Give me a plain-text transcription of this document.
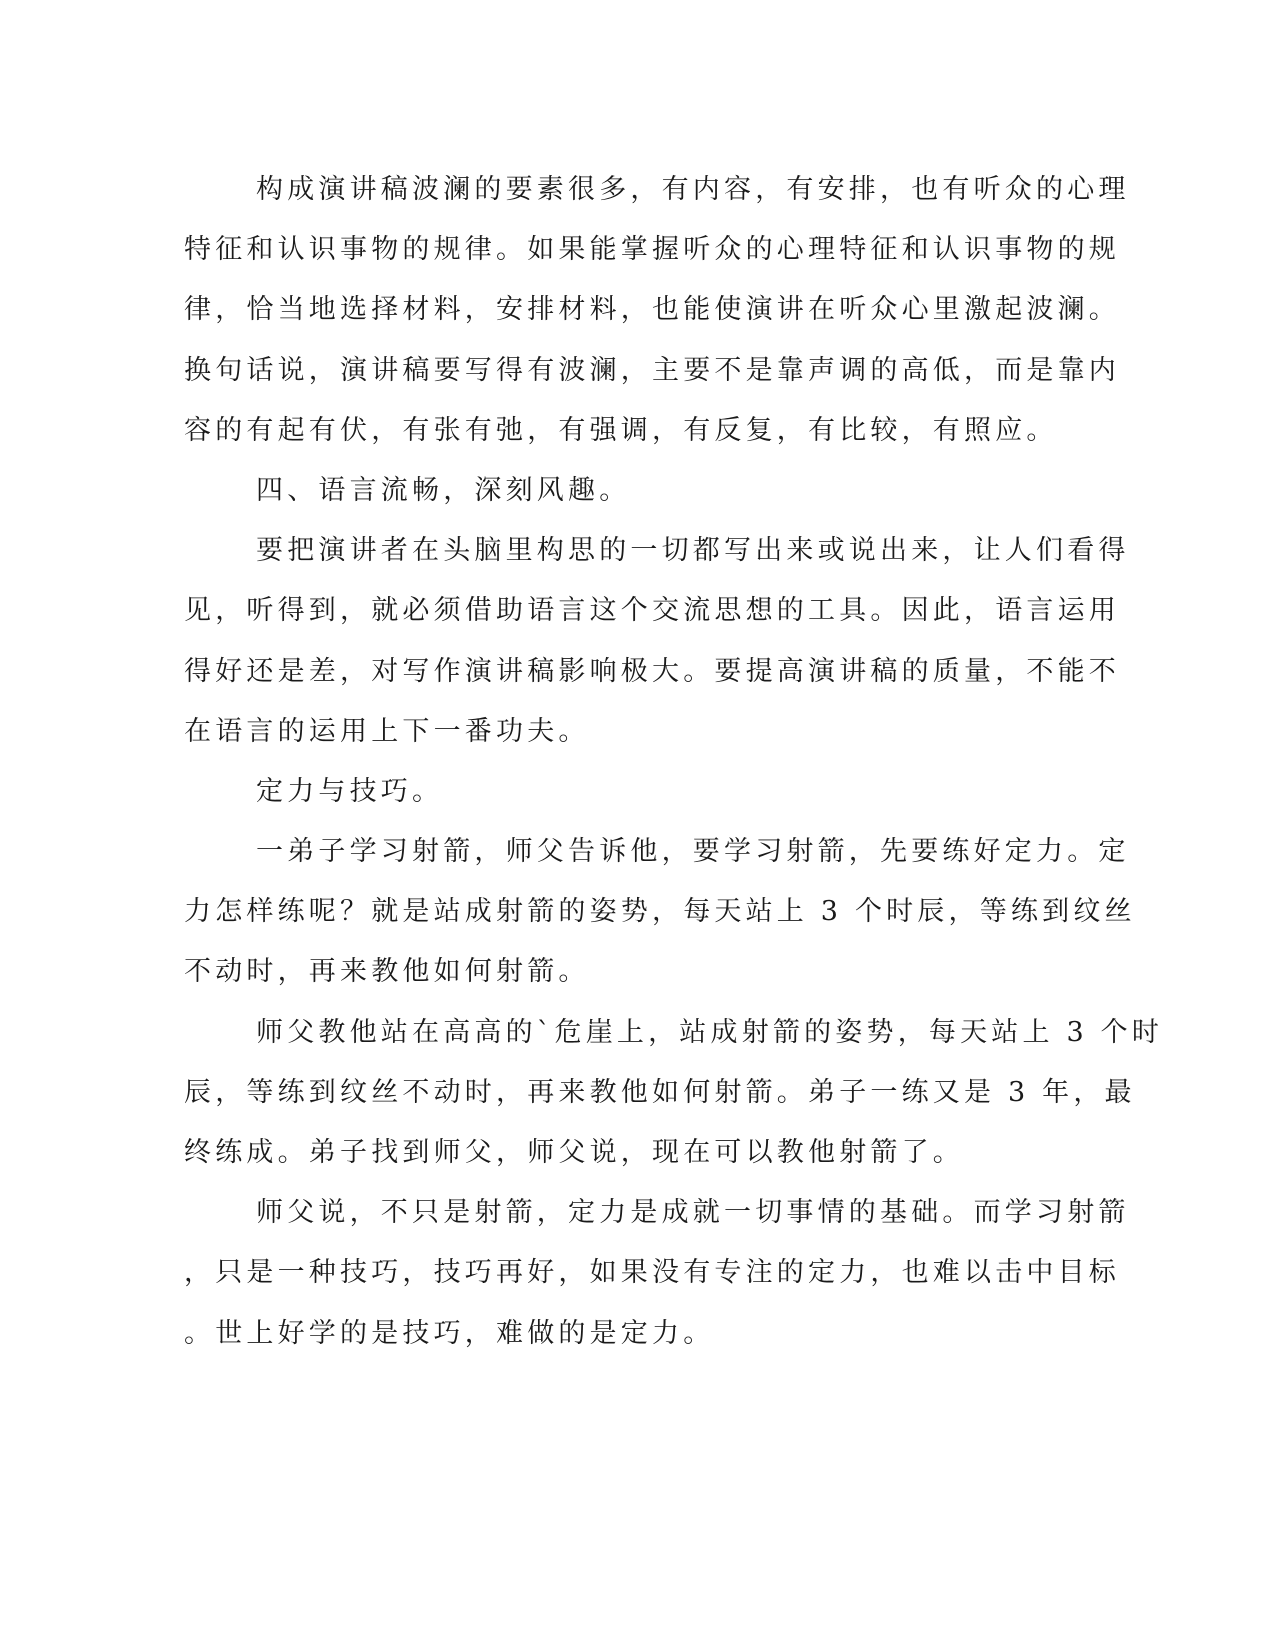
构成演讲稿波澜的要素很多，有内容，有安排，也有听众的心理
特征和认识事物的规律。如果能掌握听众的心理特征和认识事物的规
律，恰当地选择材料，安排材料，也能使演讲在听众心里激起波澜。
换句话说，演讲稿要写得有波澜，主要不是靠声调的高低，而是靠内
容的有起有伏，有张有弛，有强调，有反复，有比较，有照应。
四、语言流畅，深刻风趣。
要把演讲者在头脑里构思的一切都写出来或说出来，让人们看得
见，听得到，就必须借助语言这个交流思想的工具。因此，语言运用
得好还是差，对写作演讲稿影响极大。要提高演讲稿的质量，不能不
在语言的运用上下一番功夫。
定力与技巧。
一弟子学习射箭，师父告诉他，要学习射箭，先要练好定力。定
力怎样练呢？就是站成射箭的姿势，每天站上 3 个时辰，等练到纹丝
不动时，再来教他如何射箭。
师父教他站在高高的`危崖上，站成射箭的姿势，每天站上 3 个时
辰，等练到纹丝不动时，再来教他如何射箭。弟子一练又是 3 年，最
终练成。弟子找到师父，师父说，现在可以教他射箭了。
师父说，不只是射箭，定力是成就一切事情的基础。而学习射箭
，只是一种技巧，技巧再好，如果没有专注的定力，也难以击中目标
。世上好学的是技巧，难做的是定力。
